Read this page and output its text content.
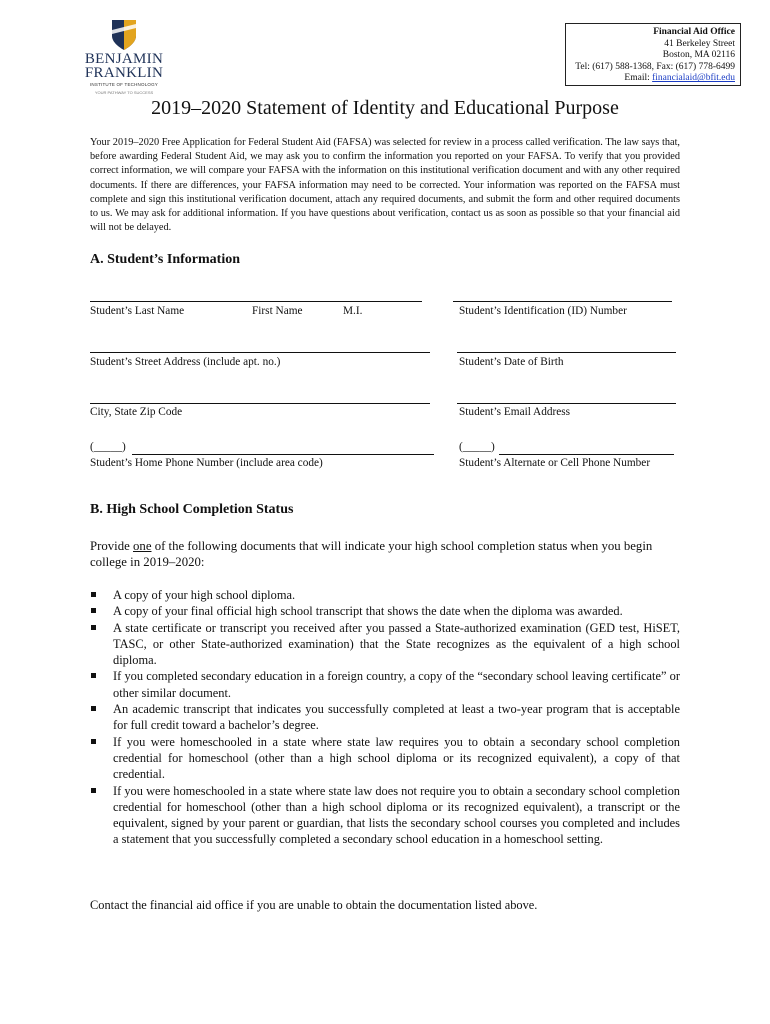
BENJAMIN
FRANKLIN
INSTITUTE OF TECHNOLOGY
YOUR PATHWAY TO SUCCESS
Financial Aid Office
41 Berkeley Street
Boston, MA 02116
Tel: (617) 588-1368, Fax: (617) 778-6499
Email: financialaid@bfit.edu
2019–2020 Statement of Identity and Educational Purpose
Your 2019–2020 Free Application for Federal Student Aid (FAFSA) was selected for review in a process called verification. The law says that, before awarding Federal Student Aid, we may ask you to confirm the information you reported on your FAFSA. To verify that you provided correct information, we will compare your FAFSA with the information on this institutional verification document and with any other required documents. If there are differences, your FAFSA information may need to be corrected. Your information was reported on the FAFSA must complete and sign this institutional verification document, attach any required documents, and submit the form and other required documents to us. We may ask for additional information. If you have questions about verification, contact us as soon as possible so that your financial aid will not be delayed.
A. Student’s Information
Student’s Last Name	First Name	M.I.	Student’s Identification (ID) Number
Student’s Street Address (include apt. no.)	Student’s Date of Birth
City, State Zip Code	Student’s Email Address
(_____)	(_____)
Student’s Home Phone Number (include area code)	Student’s Alternate or Cell Phone Number
B. High School Completion Status
Provide one of the following documents that will indicate your high school completion status when you begin college in 2019–2020:
A copy of your high school diploma.
A copy of your final official high school transcript that shows the date when the diploma was awarded.
A state certificate or transcript you received after you passed a State-authorized examination (GED test, HiSET, TASC, or other State-authorized examination) that the State recognizes as the equivalent of a high school diploma.
If you completed secondary education in a foreign country, a copy of the “secondary school leaving certificate” or other similar document.
An academic transcript that indicates you successfully completed at least a two-year program that is acceptable for full credit toward a bachelor’s degree.
If you were homeschooled in a state where state law requires you to obtain a secondary school completion credential for homeschool (other than a high school diploma or its recognized equivalent), a copy of that credential.
If you were homeschooled in a state where state law does not require you to obtain a secondary school completion credential for homeschool (other than a high school diploma or its recognized equivalent), a transcript or the equivalent, signed by your parent or guardian, that lists the secondary school courses you completed and includes a statement that you successfully completed a secondary school education in a homeschool setting.
Contact the financial aid office if you are unable to obtain the documentation listed above.
